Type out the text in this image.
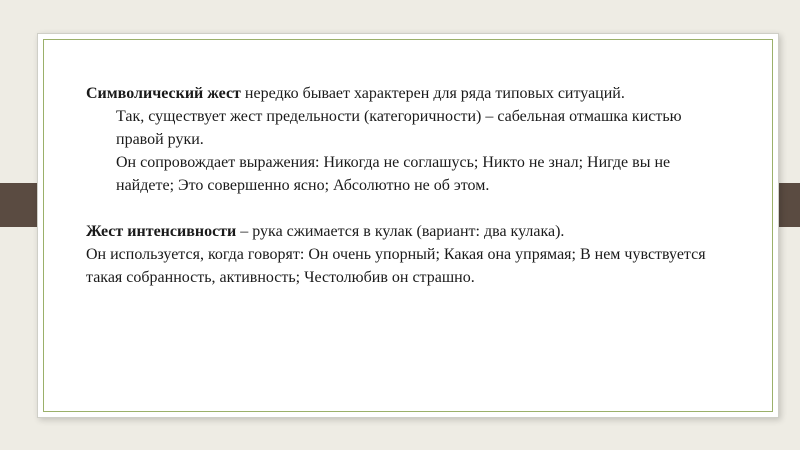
Символический жест нередко бывает характерен для ряда типовых ситуаций.

Так, существует жест предельности (категоричности) – сабельная отмашка кистью правой руки.

Он сопровождает выражения: Никогда не соглашусь; Никто не знал; Нигде вы не найдете; Это совершенно ясно; Абсолютно не об этом.

Жест интенсивности – рука сжимается в кулак (вариант: два кулака).

Он используется, когда говорят: Он очень упорный; Какая она упрямая; В нем чувствуется такая собранность, активность; Честолюбив он страшно.
